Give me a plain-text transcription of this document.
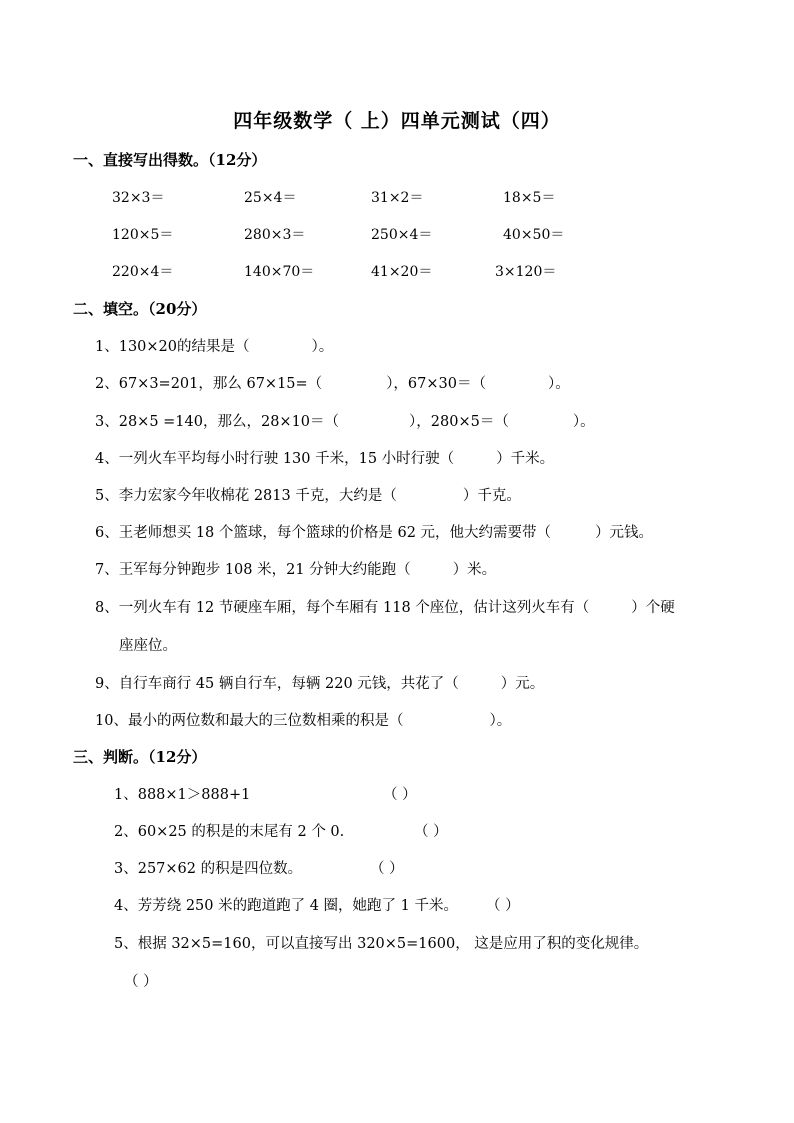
四年级数学（ 上）四单元测试（四）
一、直接写出得数。（12分）
32×3＝	25×4＝	31×2＝	18×5＝
120×5＝	280×3＝	250×4＝	40×50＝
220×4＝	140×70＝	41×20＝	3×120＝
二、填空。（20分）
1、130×20的结果是（	）。
2、67×3=201，那么 67×15=（	），67×30＝（	）。
3、28×5 =140，那么，28×10＝（	），280×5＝（	）。
4、一列火车平均每小时行驶 130 千米，15 小时行驶（	）千米。
5、李力宏家今年收棉花 2813 千克，大约是（	）千克。
6、王老师想买 18 个篮球，每个篮球的价格是 62 元，他大约需要带（	）元钱。
7、王军每分钟跑步 108 米，21 分钟大约能跑（	）米。
8、一列火车有 12 节硬座车厢，每个车厢有 118 个座位，估计这列火车有（	）个硬
座座位。
9、自行车商行 45 辆自行车，每辆 220 元钱，共花了（	）元。
10、最小的两位数和最大的三位数相乘的积是（	）。
三、判断。（12分）
1、888×1＞888+1	（ ）
2、60×25 的积是的末尾有 2 个 0.	（ ）
3、257×62 的积是四位数。	（ ）
4、芳芳绕 250 米的跑道跑了 4 圈，她跑了 1 千米。 （ ）
5、根据 32×5=160，可以直接写出 320×5=1600， 这是应用了积的变化规律。
（ ）
